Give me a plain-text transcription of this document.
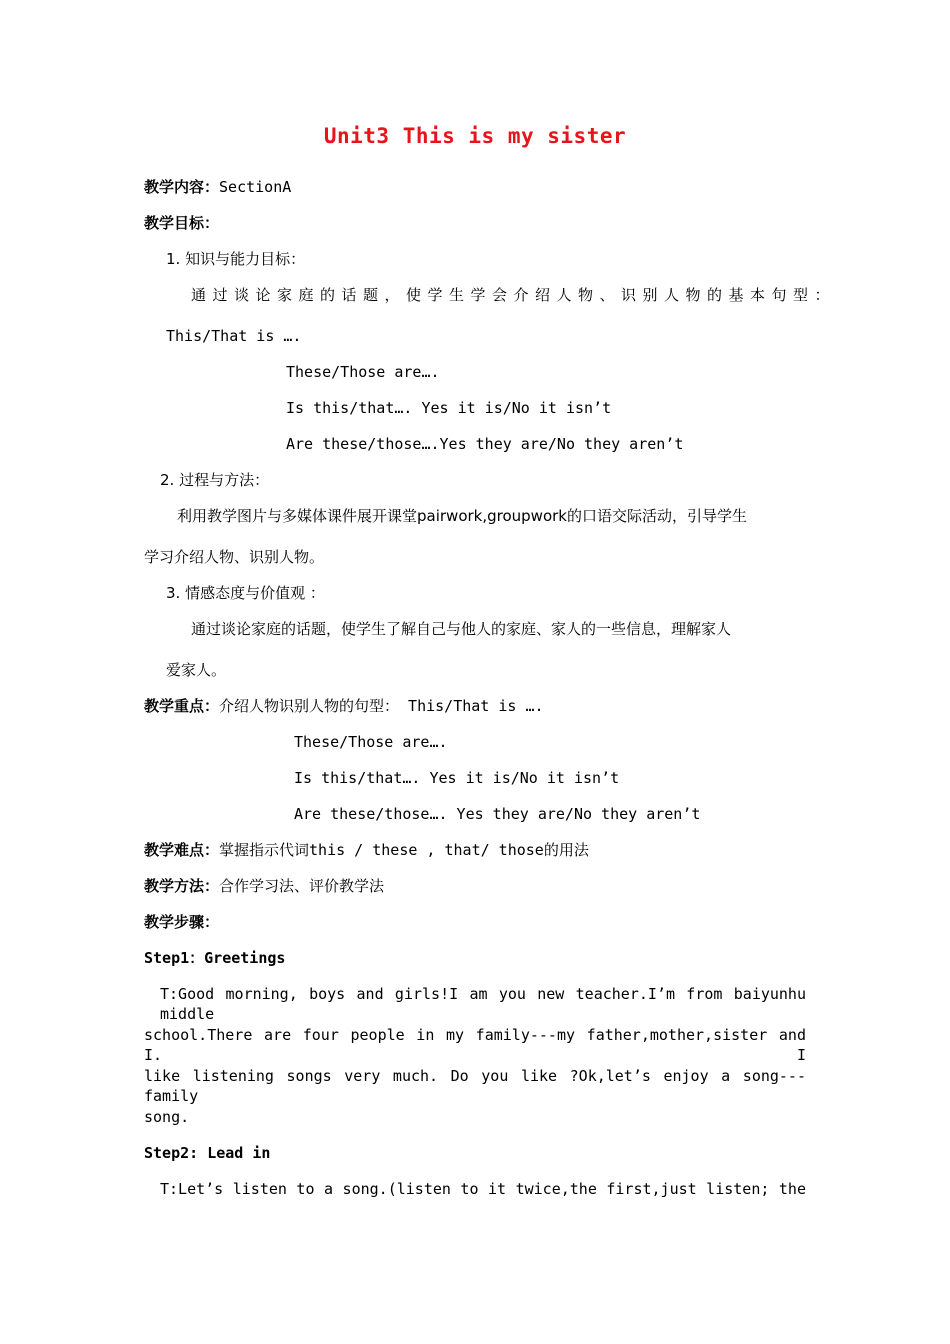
Unit3 This is my sister
教学内容：SectionA
教学目标：
1. 知识与能力目标：
通过谈论家庭的话题，使学生学会介绍人物、识别人物的基本句型：
This/That is ….
These/Those are….
Is this/that…. Yes it is/No it isn’t
Are these/those….Yes they are/No they aren’t
2. 过程与方法：
利用教学图片与多媒体课件展开课堂pairwork,groupwork的口语交际活动，引导学生
学习介绍人物、识别人物。
3. 情感态度与价值观 ：
通过谈论家庭的话题，使学生了解自己与他人的家庭、家人的一些信息，理解家人
爱家人。
教学重点：介绍人物识别人物的句型： This/That is ….
These/Those are….
Is this/that…. Yes it is/No it isn’t
Are these/those…. Yes they are/No they aren’t
教学难点：掌握指示代词this / these , that/ those的用法
教学方法：合作学习法、评价教学法
教学步骤：
Step1：Greetings
T:Good morning, boys and girls!I am you new teacher.I’m from baiyunhu middle
school.There are four people in my family---my father,mother,sister and I. I
like listening songs very much. Do you like ?Ok,let’s enjoy a song---family
song.
Step2: Lead in
T:Let’s listen to a song.(listen to it twice,the first,just listen; the
